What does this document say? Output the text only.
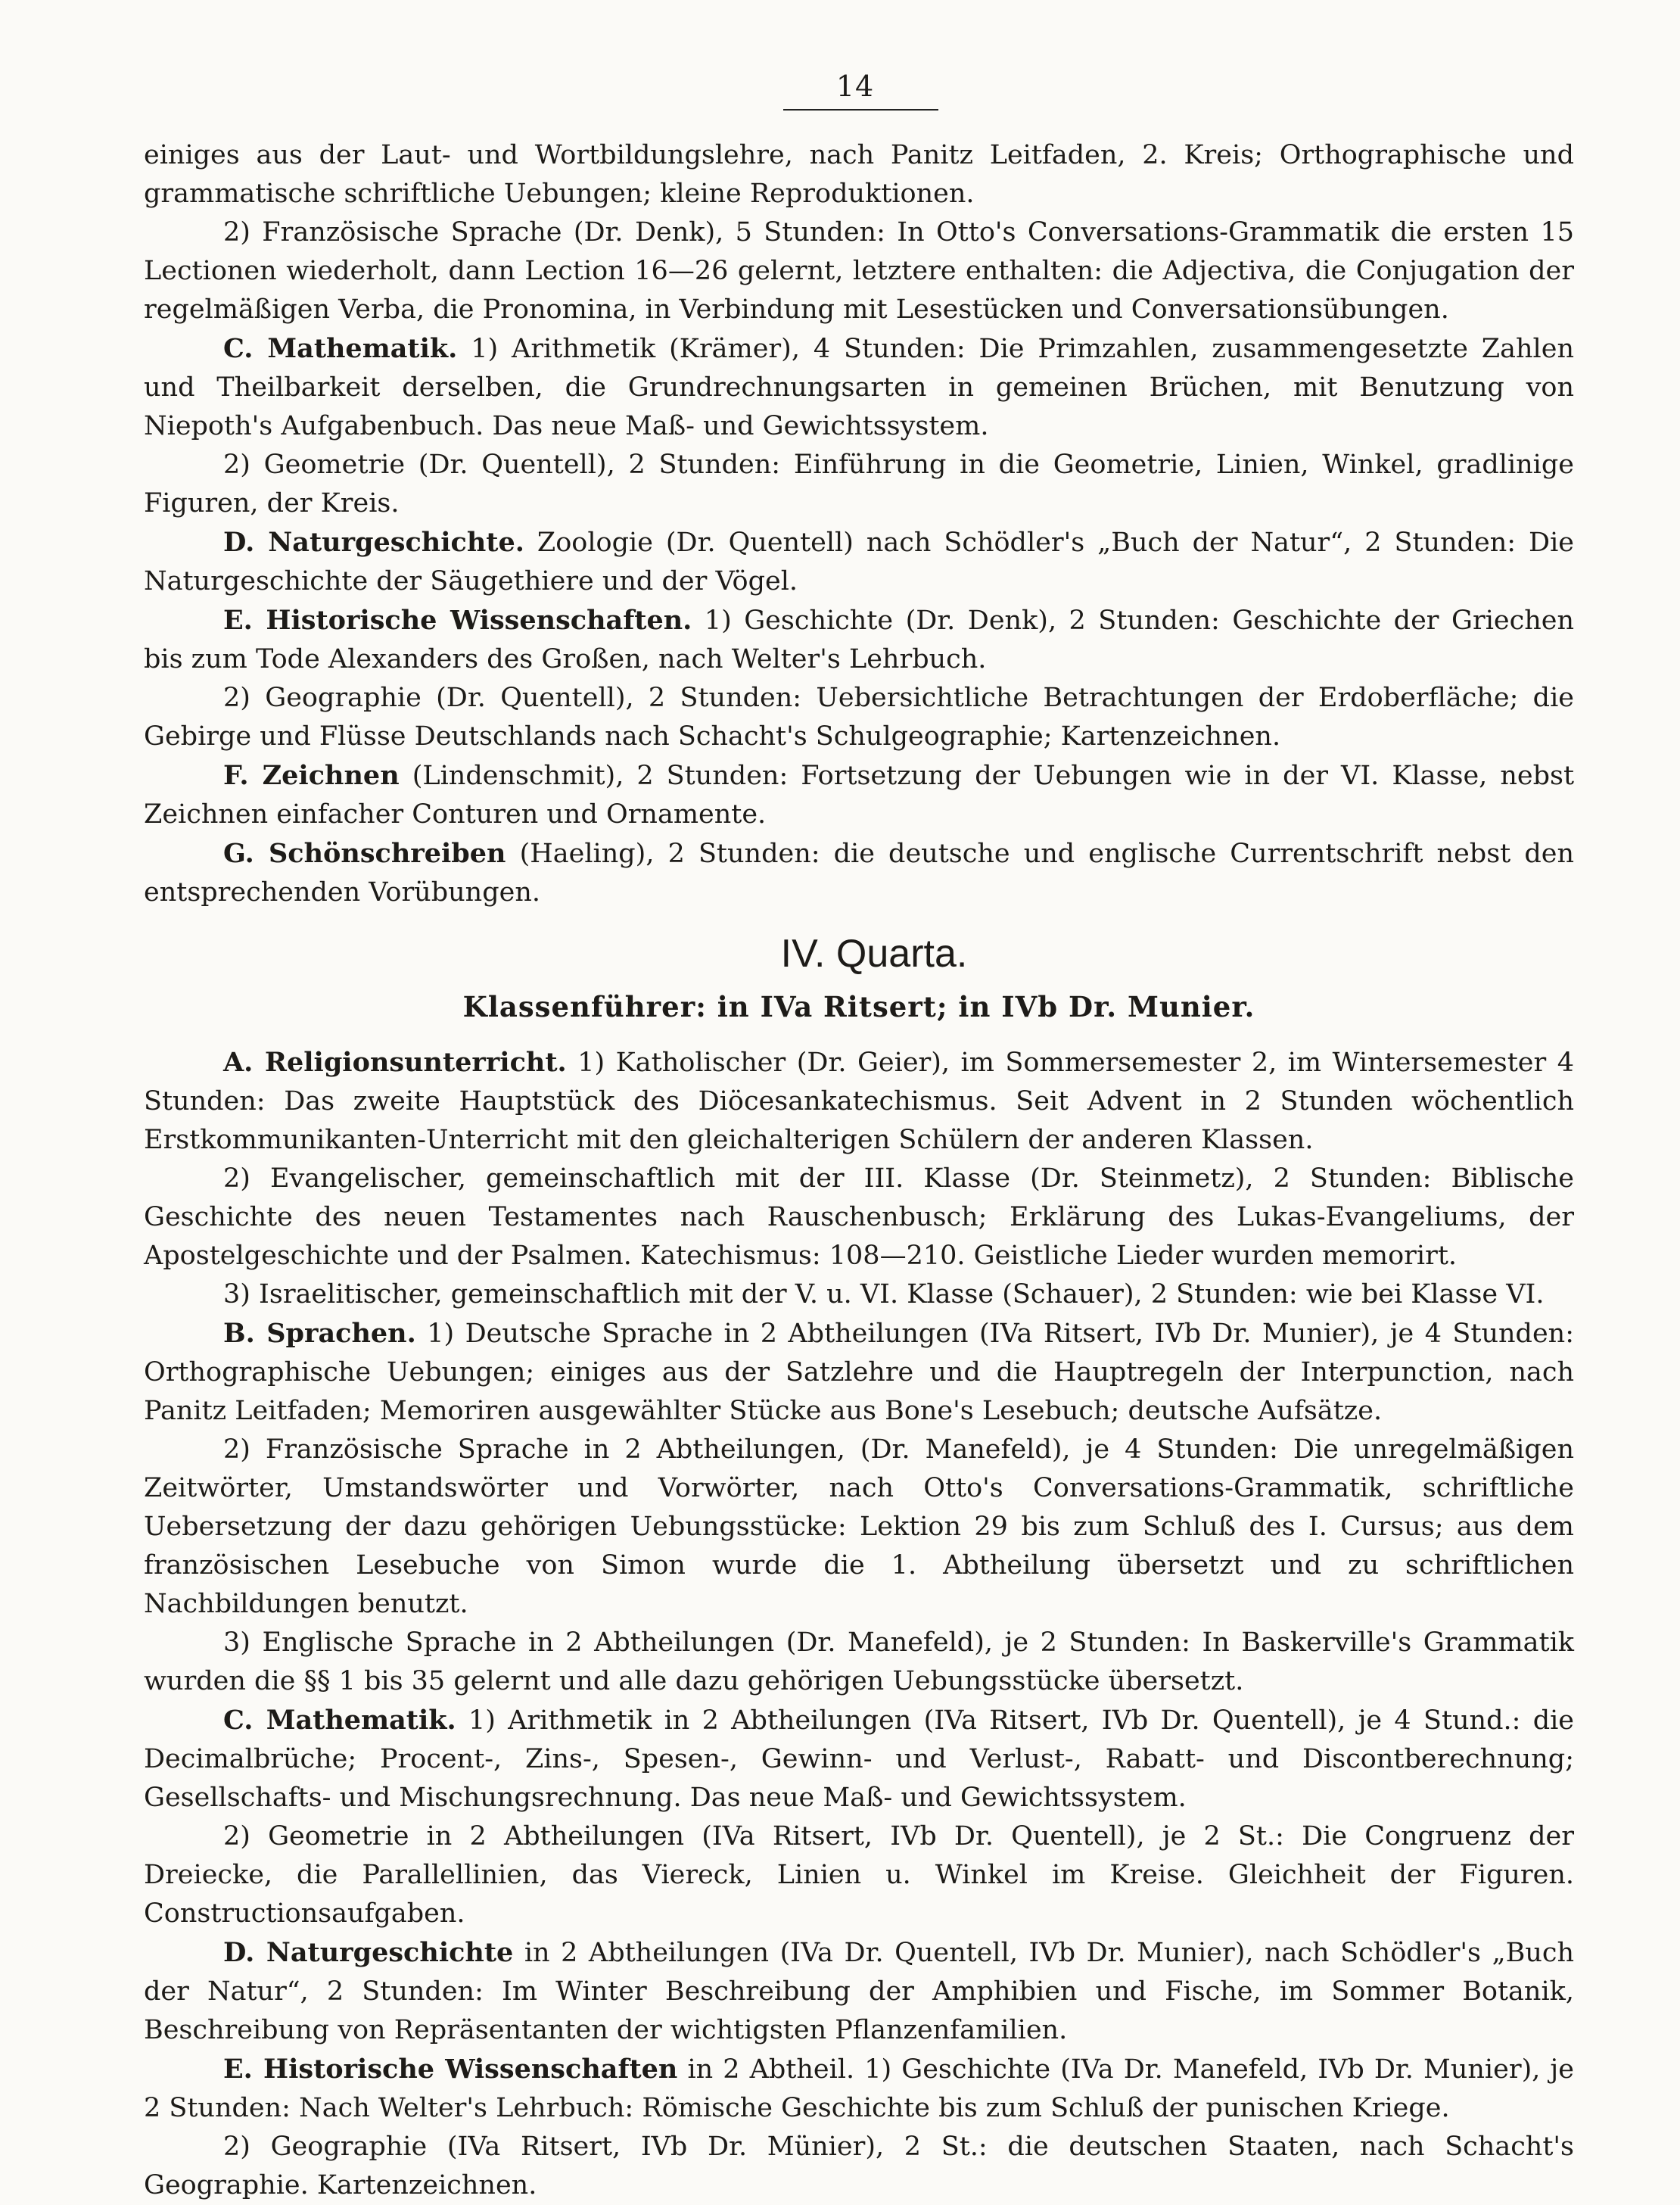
14

einiges aus der Laut- und Wortbildungslehre, nach Panitz Leitfaden, 2. Kreis; Orthographische und grammatische schriftliche Uebungen; kleine Reproduktionen.

2) Französische Sprache (Dr. Denk), 5 Stunden: In Otto's Conversations-Grammatik die ersten 15 Lectionen wiederholt, dann Lection 16—26 gelernt, letztere enthalten: die Adjectiva, die Conjugation der regelmäßigen Verba, die Pronomina, in Verbindung mit Lesestücken und Conversationsübungen.

C. Mathematik. 1) Arithmetik (Krämer), 4 Stunden: Die Primzahlen, zusammengesetzte Zahlen und Theilbarkeit derselben, die Grundrechnungsarten in gemeinen Brüchen, mit Benutzung von Niepoth's Aufgabenbuch. Das neue Maß- und Gewichtssystem.

2) Geometrie (Dr. Quentell), 2 Stunden: Einführung in die Geometrie, Linien, Winkel, gradlinige Figuren, der Kreis.

D. Naturgeschichte. Zoologie (Dr. Quentell) nach Schödler's „Buch der Natur“, 2 Stunden: Die Naturgeschichte der Säugethiere und der Vögel.

E. Historische Wissenschaften. 1) Geschichte (Dr. Denk), 2 Stunden: Geschichte der Griechen bis zum Tode Alexanders des Großen, nach Welter's Lehrbuch.

2) Geographie (Dr. Quentell), 2 Stunden: Uebersichtliche Betrachtungen der Erdoberfläche; die Gebirge und Flüsse Deutschlands nach Schacht's Schulgeographie; Kartenzeichnen.

F. Zeichnen (Lindenschmit), 2 Stunden: Fortsetzung der Uebungen wie in der VI. Klasse, nebst Zeichnen einfacher Conturen und Ornamente.

G. Schönschreiben (Haeling), 2 Stunden: die deutsche und englische Currentschrift nebst den entsprechenden Vorübungen.

IV. Quarta.
Klassenführer: in IVa Ritsert; in IVb Dr. Munier.

A. Religionsunterricht. 1) Katholischer (Dr. Geier), im Sommersemester 2, im Wintersemester 4 Stunden: Das zweite Hauptstück des Diöcesankatechismus. Seit Advent in 2 Stunden wöchentlich Erstkommunikanten-Unterricht mit den gleichalterigen Schülern der anderen Klassen.

2) Evangelischer, gemeinschaftlich mit der III. Klasse (Dr. Steinmetz), 2 Stunden: Biblische Geschichte des neuen Testamentes nach Rauschenbusch; Erklärung des Lukas-Evangeliums, der Apostelgeschichte und der Psalmen. Katechismus: 108—210. Geistliche Lieder wurden memorirt.

3) Israelitischer, gemeinschaftlich mit der V. u. VI. Klasse (Schauer), 2 Stunden: wie bei Klasse VI.

B. Sprachen. 1) Deutsche Sprache in 2 Abtheilungen (IVa Ritsert, IVb Dr. Munier), je 4 Stunden: Orthographische Uebungen; einiges aus der Satzlehre und die Hauptregeln der Interpunction, nach Panitz Leitfaden; Memoriren ausgewählter Stücke aus Bone's Lesebuch; deutsche Aufsätze.

2) Französische Sprache in 2 Abtheilungen, (Dr. Manefeld), je 4 Stunden: Die unregelmäßigen Zeitwörter, Umstandswörter und Vorwörter, nach Otto's Conversations-Grammatik, schriftliche Uebersetzung der dazu gehörigen Uebungsstücke: Lektion 29 bis zum Schluß des I. Cursus; aus dem französischen Lesebuche von Simon wurde die 1. Abtheilung übersetzt und zu schriftlichen Nachbildungen benutzt.

3) Englische Sprache in 2 Abtheilungen (Dr. Manefeld), je 2 Stunden: In Baskerville's Grammatik wurden die §§ 1 bis 35 gelernt und alle dazu gehörigen Uebungsstücke übersetzt.

C. Mathematik. 1) Arithmetik in 2 Abtheilungen (IVa Ritsert, IVb Dr. Quentell), je 4 Stund.: die Decimalbrüche; Procent-, Zins-, Spesen-, Gewinn- und Verlust-, Rabatt- und Discontberechnung; Gesellschafts- und Mischungsrechnung. Das neue Maß- und Gewichtssystem.

2) Geometrie in 2 Abtheilungen (IVa Ritsert, IVb Dr. Quentell), je 2 St.: Die Congruenz der Dreiecke, die Parallellinien, das Viereck, Linien u. Winkel im Kreise. Gleichheit der Figuren. Constructionsaufgaben.

D. Naturgeschichte in 2 Abtheilungen (IVa Dr. Quentell, IVb Dr. Munier), nach Schödler's „Buch der Natur“, 2 Stunden: Im Winter Beschreibung der Amphibien und Fische, im Sommer Botanik, Beschreibung von Repräsentanten der wichtigsten Pflanzenfamilien.

E. Historische Wissenschaften in 2 Abtheil. 1) Geschichte (IVa Dr. Manefeld, IVb Dr. Munier), je 2 Stunden: Nach Welter's Lehrbuch: Römische Geschichte bis zum Schluß der punischen Kriege.

2) Geographie (IVa Ritsert, IVb Dr. Münier), 2 St.: die deutschen Staaten, nach Schacht's Geographie. Kartenzeichnen.
